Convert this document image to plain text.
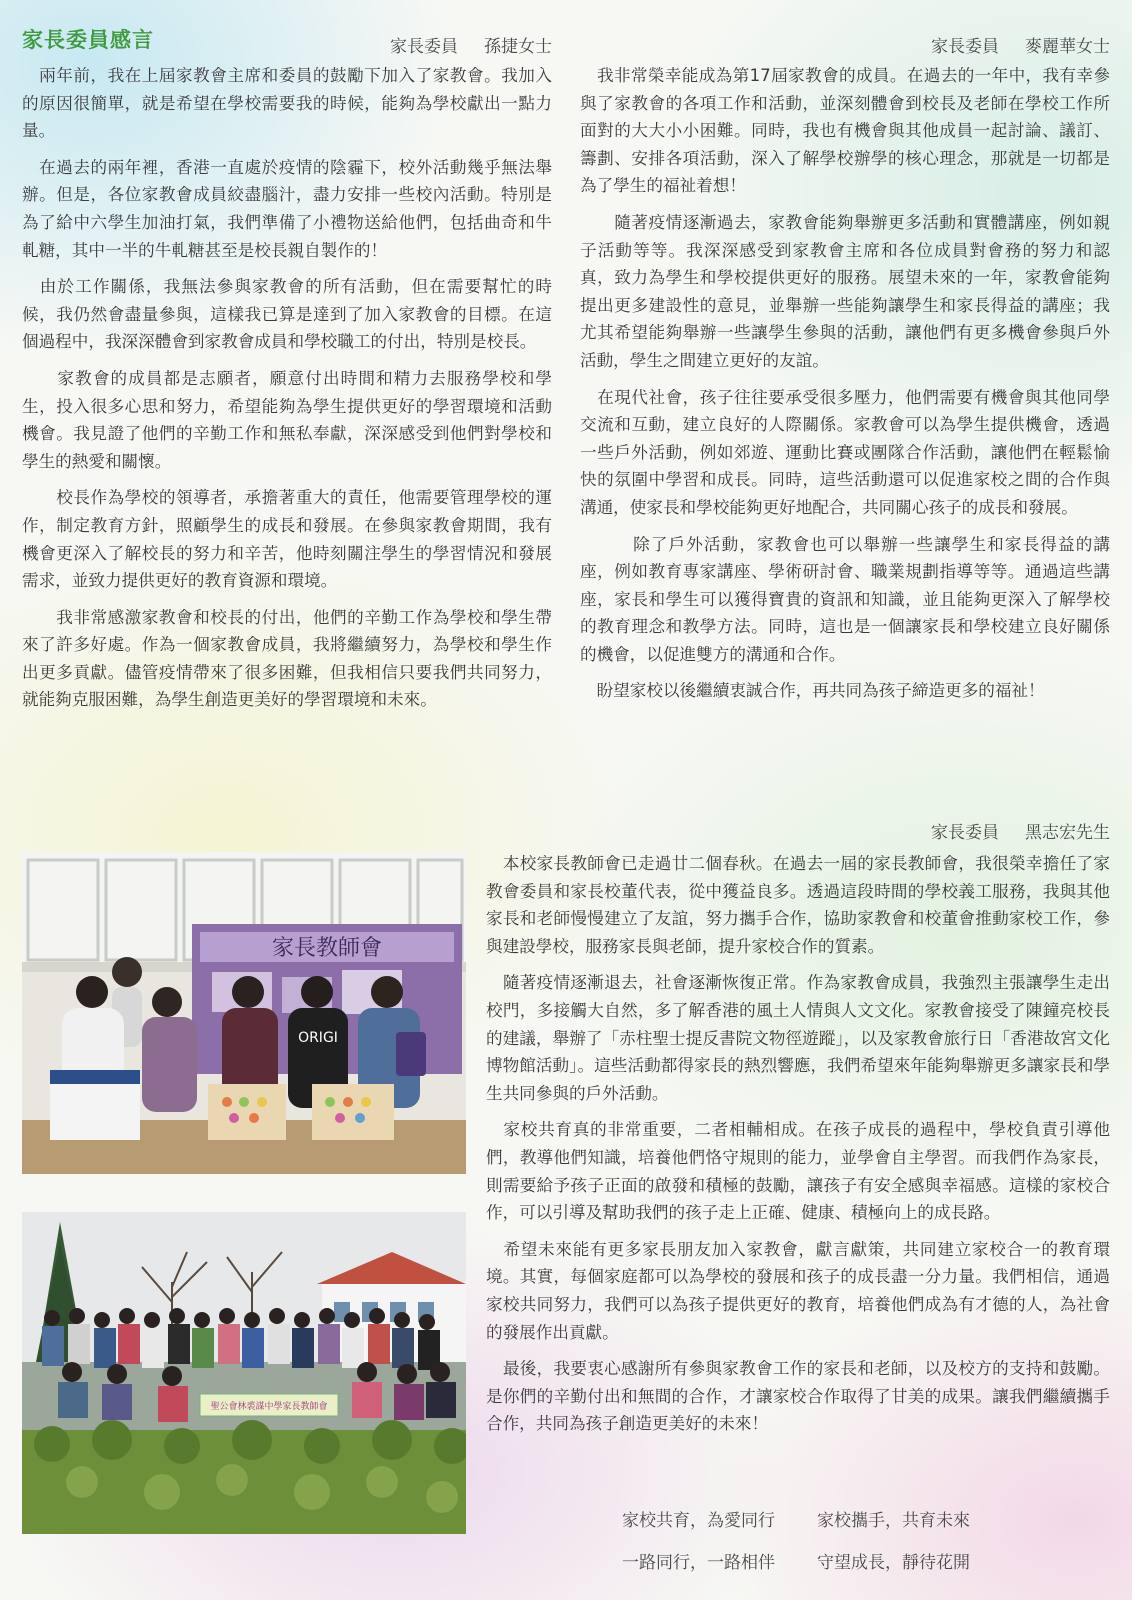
家長委員感言	家長委員 孫捷女士

　兩年前，我在上屆家教會主席和委員的鼓勵下加入了家教會。我加入的原因很簡單，就是希望在學校需要我的時候，能夠為學校獻出一點力量。

　在過去的兩年裡，香港一直處於疫情的陰霾下，校外活動幾乎無法舉辦。但是，各位家教會成員絞盡腦汁，盡力安排一些校內活動。特別是為了給中六學生加油打氣，我們準備了小禮物送給他們，包括曲奇和牛軋糖，其中一半的牛軋糖甚至是校長親自製作的！

　由於工作關係，我無法參與家教會的所有活動，但在需要幫忙的時候，我仍然會盡量參與，這樣我已算是達到了加入家教會的目標。在這個過程中，我深深體會到家教會成員和學校職工的付出，特別是校長。

　　家教會的成員都是志願者，願意付出時間和精力去服務學校和學生，投入很多心思和努力，希望能夠為學生提供更好的學習環境和活動機會。我見證了他們的辛勤工作和無私奉獻，深深感受到他們對學校和學生的熱愛和關懷。

　　校長作為學校的領導者，承擔著重大的責任，他需要管理學校的運作，制定教育方針，照顧學生的成長和發展。在參與家教會期間，我有機會更深入了解校長的努力和辛苦，他時刻關注學生的學習情況和發展需求，並致力提供更好的教育資源和環境。

　　我非常感激家教會和校長的付出，他們的辛勤工作為學校和學生帶來了許多好處。作為一個家教會成員，我將繼續努力，為學校和學生作出更多貢獻。儘管疫情帶來了很多困難，但我相信只要我們共同努力，就能夠克服困難，為學生創造更美好的學習環境和未來。

家長委員 麥麗華女士

　我非常榮幸能成為第17屆家教會的成員。在過去的一年中，我有幸參與了家教會的各項工作和活動，並深刻體會到校長及老師在學校工作所面對的大大小小困難。同時，我也有機會與其他成員一起討論、議訂、籌劃、安排各項活動，深入了解學校辦學的核心理念，那就是一切都是為了學生的福祉着想！

　　隨著疫情逐漸過去，家教會能夠舉辦更多活動和實體講座，例如親子活動等等。我深深感受到家教會主席和各位成員對會務的努力和認真，致力為學生和學校提供更好的服務。展望未來的一年，家教會能夠提出更多建設性的意見，並舉辦一些能夠讓學生和家長得益的講座；我尤其希望能夠舉辦一些讓學生參與的活動，讓他們有更多機會參與戶外活動，學生之間建立更好的友誼。

　在現代社會，孩子往往要承受很多壓力，他們需要有機會與其他同學交流和互動，建立良好的人際關係。家教會可以為學生提供機會，透過一些戶外活動，例如郊遊、運動比賽或團隊合作活動，讓他們在輕鬆愉快的氛圍中學習和成長。同時，這些活動還可以促進家校之間的合作與溝通，使家長和學校能夠更好地配合，共同關心孩子的成長和發展。

　　　除了戶外活動，家教會也可以舉辦一些讓學生和家長得益的講座，例如教育專家講座、學術研討會、職業規劃指導等等。通過這些講座，家長和學生可以獲得寶貴的資訊和知識，並且能夠更深入了解學校的教育理念和教學方法。同時，這也是一個讓家長和學校建立良好關係的機會，以促進雙方的溝通和合作。

　盼望家校以後繼續衷誠合作，再共同為孩子締造更多的福祉！

家長委員 黑志宏先生

　本校家長教師會已走過廿二個春秋。在過去一屆的家長教師會，我很榮幸擔任了家教會委員和家長校董代表，從中獲益良多。透過這段時間的學校義工服務，我與其他家長和老師慢慢建立了友誼，努力攜手合作，協助家教會和校董會推動家校工作，參與建設學校，服務家長與老師，提升家校合作的質素。

　隨著疫情逐漸退去，社會逐漸恢復正常。作為家教會成員，我強烈主張讓學生走出校門，多接觸大自然，多了解香港的風土人情與人文文化。家教會接受了陳鐘亮校長的建議，舉辦了「赤柱聖士提反書院文物徑遊蹤」，以及家教會旅行日「香港故宮文化博物館活動」。這些活動都得家長的熱烈響應，我們希望來年能夠舉辦更多讓家長和學生共同參與的戶外活動。

　家校共育真的非常重要，二者相輔相成。在孩子成長的過程中，學校負責引導他們，教導他們知識，培養他們恪守規則的能力，並學會自主學習。而我們作為家長，則需要給予孩子正面的啟發和積極的鼓勵，讓孩子有安全感與幸福感。這樣的家校合作，可以引導及幫助我們的孩子走上正確、健康、積極向上的成長路。

　希望未來能有更多家長朋友加入家教會，獻言獻策，共同建立家校合一的教育環境。其實，每個家庭都可以為學校的發展和孩子的成長盡一分力量。我們相信，通過家校共同努力，我們可以為孩子提供更好的教育，培養他們成為有才德的人，為社會的發展作出貢獻。

　最後，我要衷心感謝所有參與家教會工作的家長和老師，以及校方的支持和鼓勵。是你們的辛勤付出和無間的合作，才讓家校合作取得了甘美的成果。讓我們繼續攜手合作，共同為孩子創造更美好的未來！

家校共育，為愛同行 家校攜手，共育未來
一路同行，一路相伴 守望成長，靜待花開
家長教師會
ORIGI
聖公會林裘謀中學家長教師會
